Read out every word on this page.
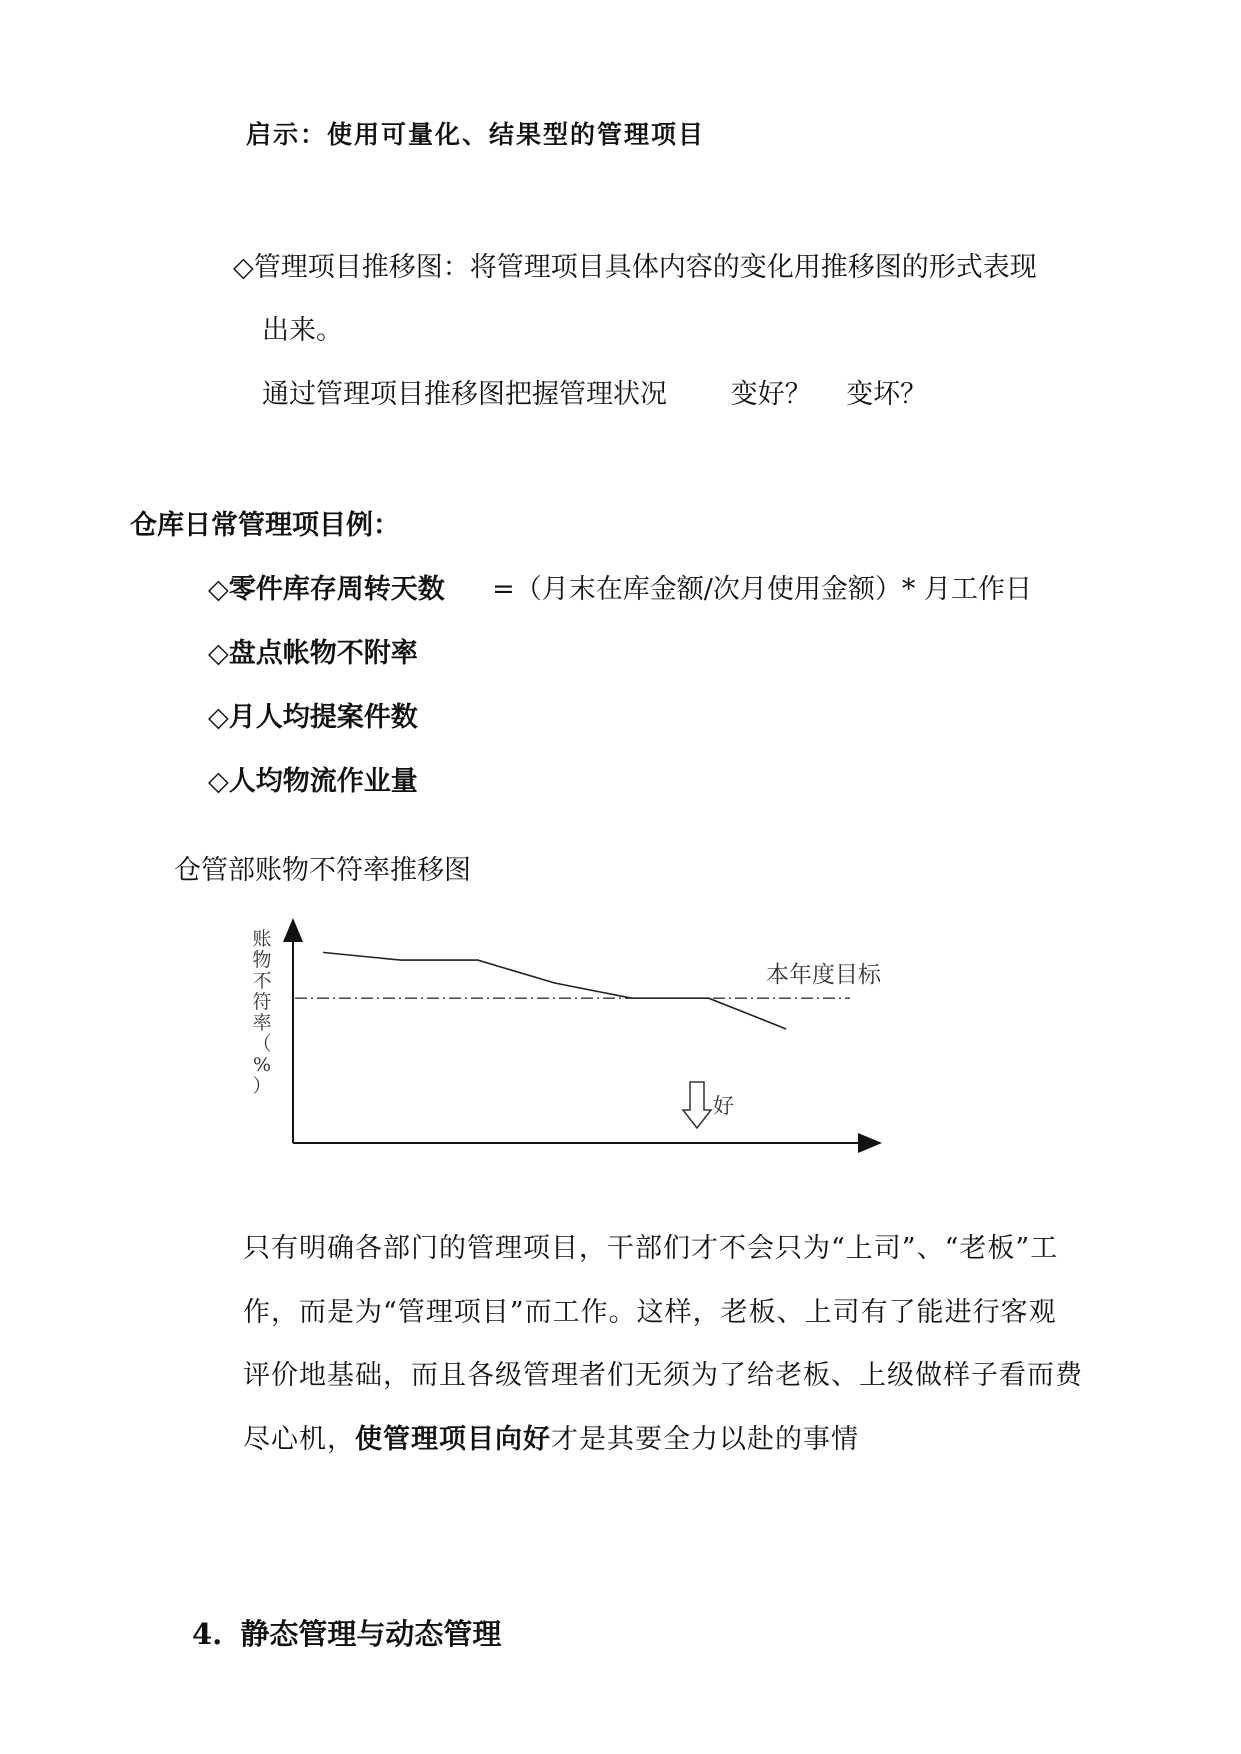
启示：使用可量化、结果型的管理项目
◇管理项目推移图：将管理项目具体内容的变化用推移图的形式表现
出来。
通过管理项目推移图把握管理状况 变好？ 变坏？
仓库日常管理项目例：
◇零件库存周转天数 =（月末在库金额/次月使用金额）* 月工作日
◇盘点帐物不附率
◇月人均提案件数
◇人均物流作业量
仓管部账物不符率推移图
账物不符率（%）
本年度目标
好
只有明确各部门的管理项目，干部们才不会只为“上司”、“老板”工
作，而是为“管理项目”而工作。这样，老板、上司有了能进行客观
评价地基础，而且各级管理者们无须为了给老板、上级做样子看而费
尽心机，使管理项目向好才是其要全力以赴的事情
4. 静态管理与动态管理
